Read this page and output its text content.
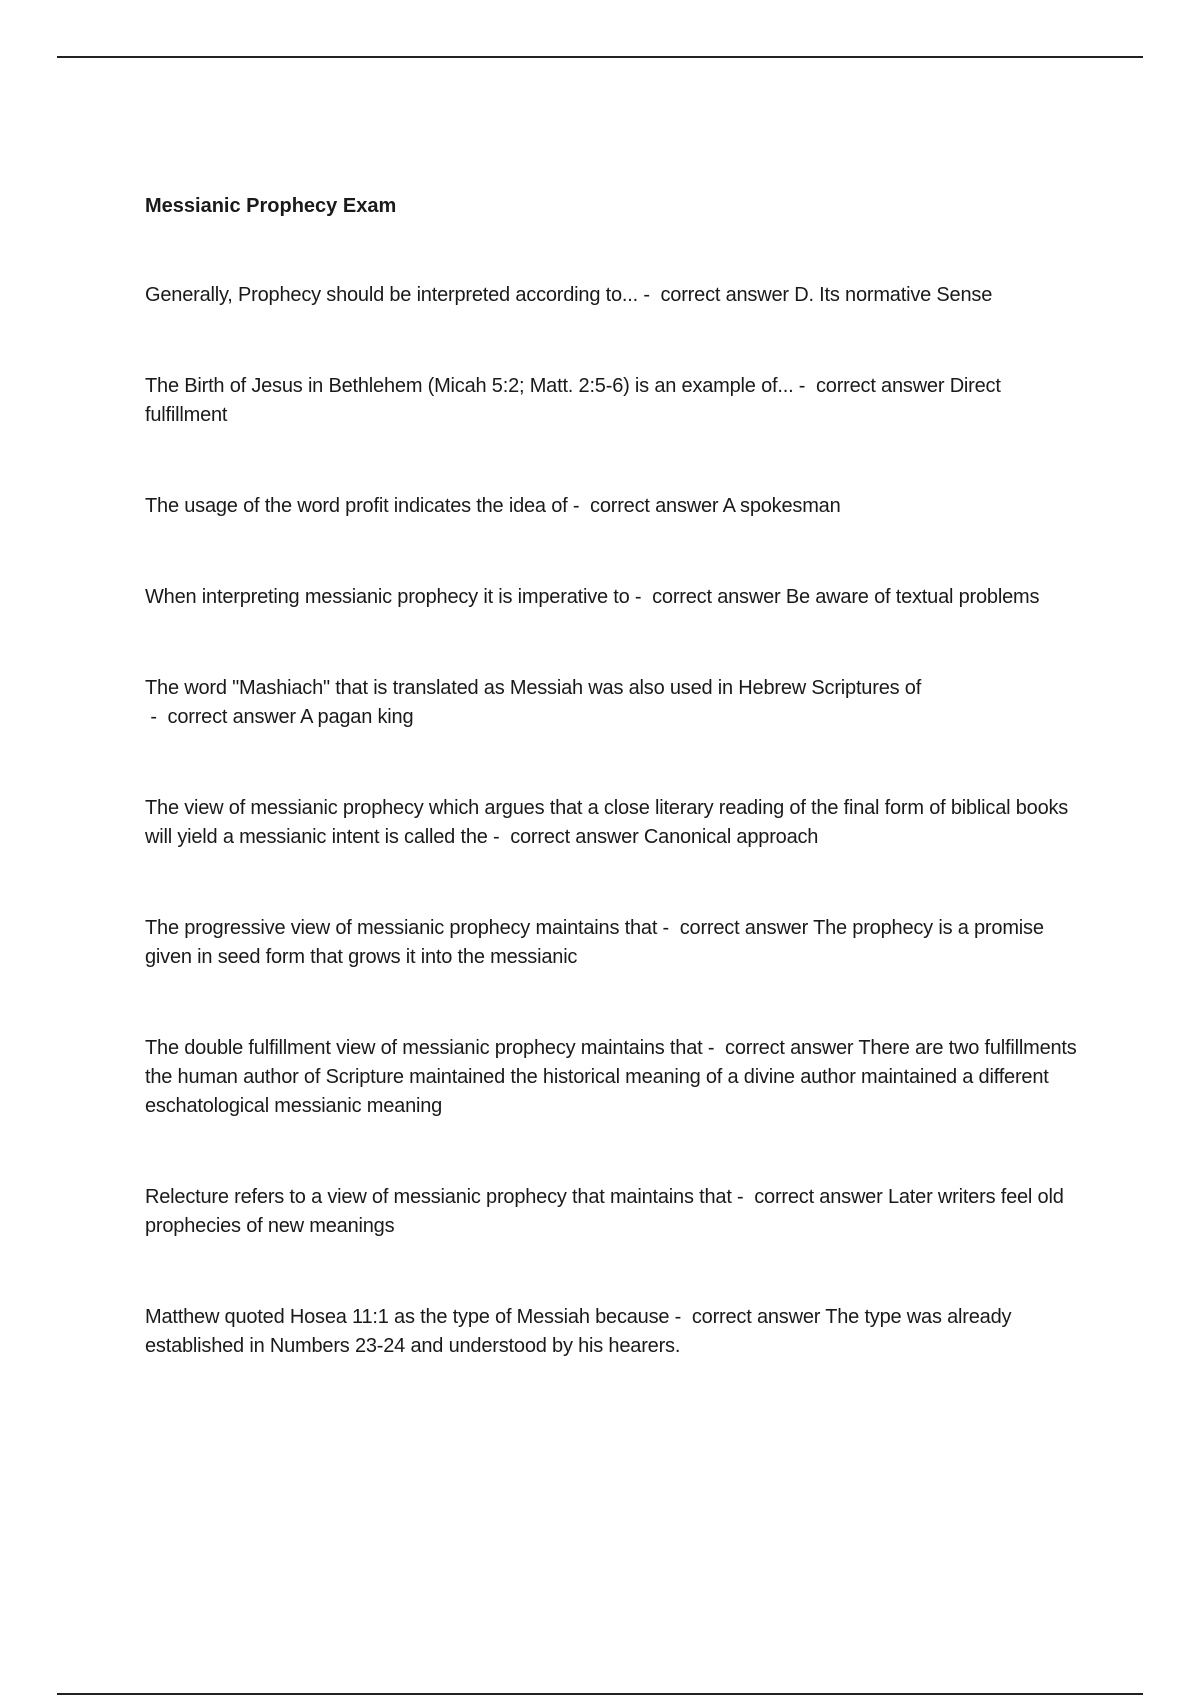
Messianic Prophecy Exam

Generally, Prophecy should be interpreted according to... -  correct answer D. Its normative Sense

The Birth of Jesus in Bethlehem (Micah 5:2; Matt. 2:5-6) is an example of... -  correct answer Direct fulfillment

The usage of the word profit indicates the idea of -  correct answer A spokesman

When interpreting messianic prophecy it is imperative to -  correct answer Be aware of textual problems

The word "Mashiach" that is translated as Messiah was also used in Hebrew Scriptures of -  correct answer A pagan king

The view of messianic prophecy which argues that a close literary reading of the final form of biblical books will yield a messianic intent is called the -  correct answer Canonical approach

The progressive view of messianic prophecy maintains that -  correct answer The prophecy is a promise given in seed form that grows it into the messianic

The double fulfillment view of messianic prophecy maintains that -  correct answer There are two fulfillments the human author of Scripture maintained the historical meaning of a divine author maintained a different eschatological messianic meaning

Relecture refers to a view of messianic prophecy that maintains that -  correct answer Later writers feel old prophecies of new meanings

Matthew quoted Hosea 11:1 as the type of Messiah because -  correct answer The type was already established in Numbers 23-24 and understood by his hearers.
